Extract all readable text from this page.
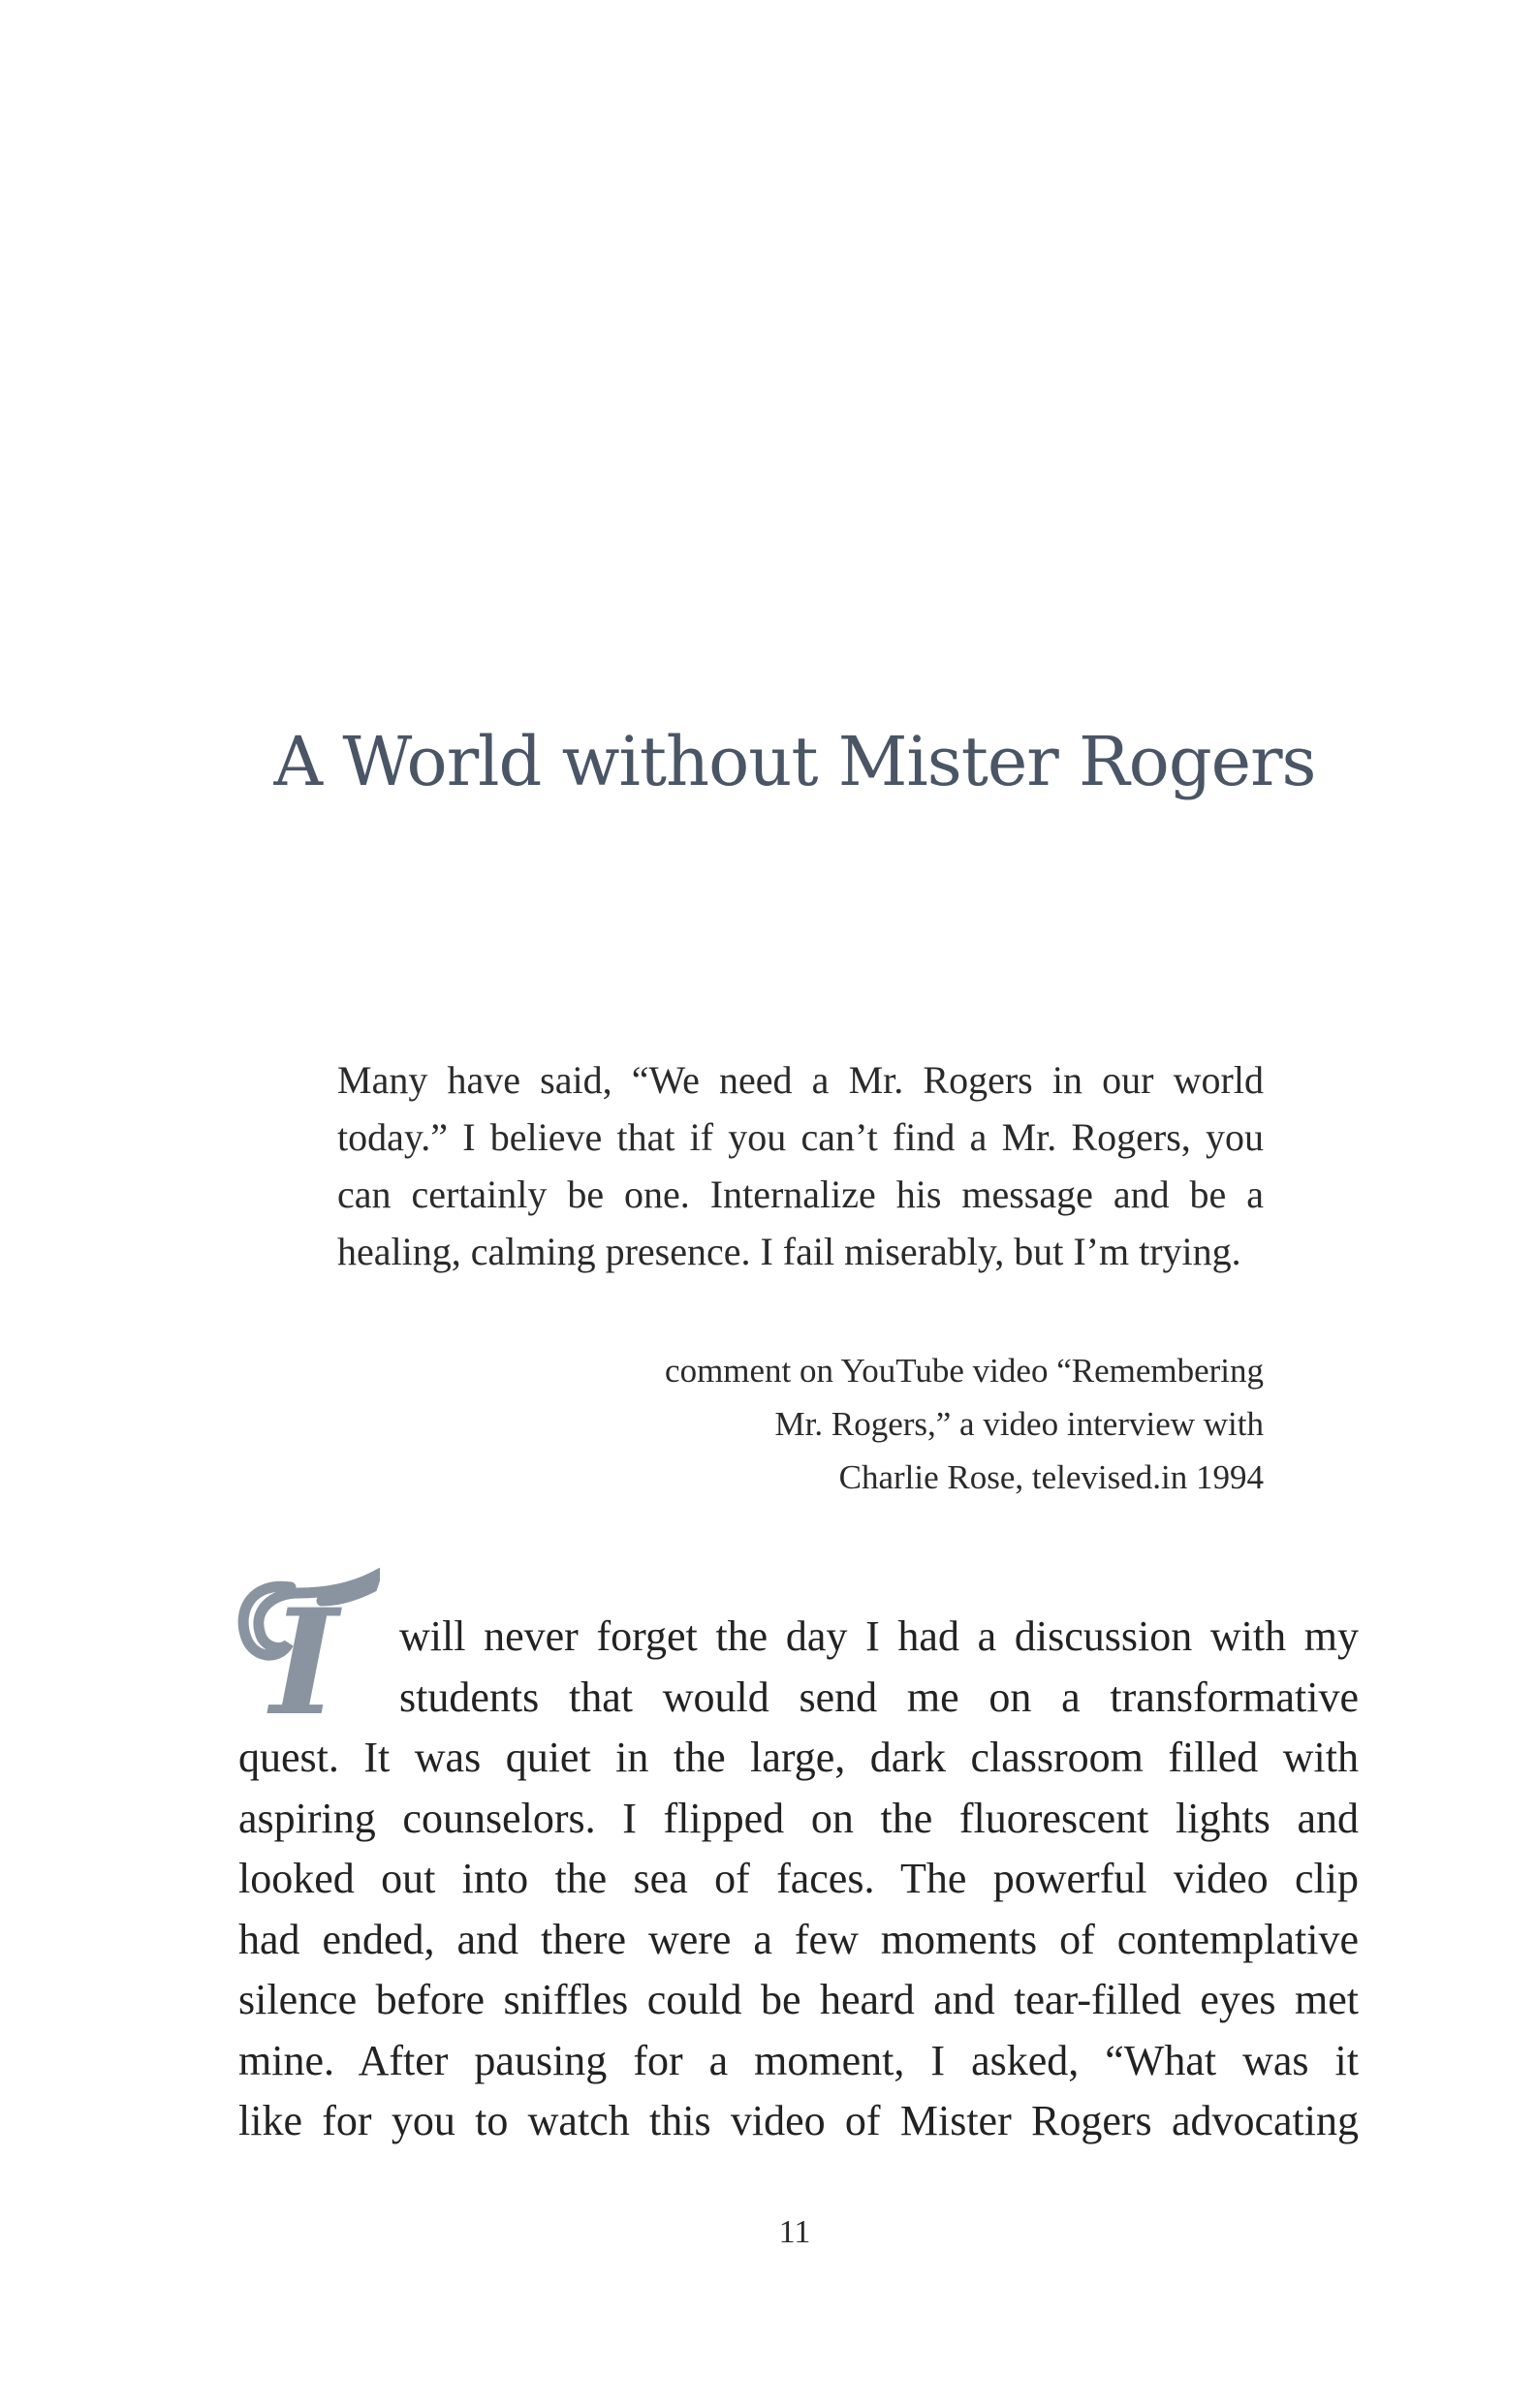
A World without Mister Rogers

Many have said, “We need a Mr. Rogers in our world today.” I believe that if you can’t find a Mr. Rogers, you can certainly be one. Internalize his message and be a healing, calming presence. I fail miserably, but I’m trying.

comment on YouTube video “Remembering
Mr. Rogers,” a video interview with
Charlie Rose, televised.in 1994
I	will never forget the day I had a discussion with my
students that would send me on a transformative
quest. It was quiet in the large, dark classroom filled with
aspiring counselors. I flipped on the fluorescent lights and
looked out into the sea of faces. The powerful video clip
had ended, and there were a few moments of contemplative
silence before sniffles could be heard and tear-filled eyes met
mine. After pausing for a moment, I asked, “What was it
like for you to watch this video of Mister Rogers advocating
11
